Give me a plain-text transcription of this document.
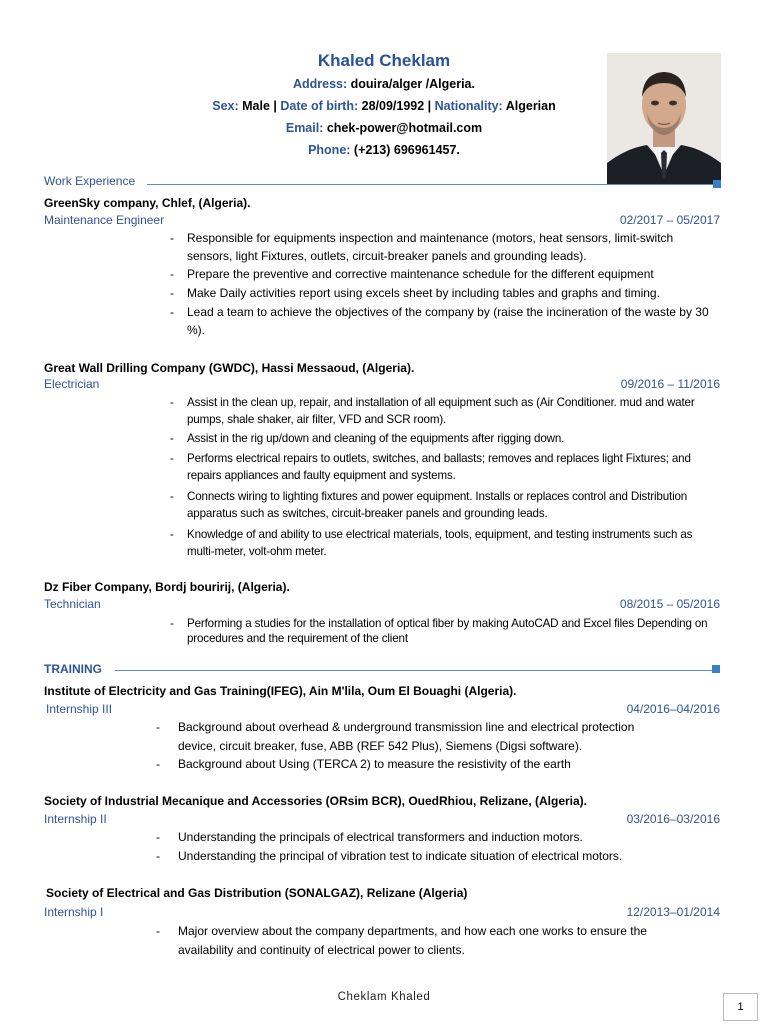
Khaled Cheklam
Address: douira/alger /Algeria.
Sex: Male | Date of birth: 28/09/1992 | Nationality: Algerian
Email: chek-power@hotmail.com
Phone: (+213) 696961457.
Work Experience
GreenSky company, Chlef, (Algeria).
Maintenance Engineer	02/2017 – 05/2017
- Responsible for equipments inspection and maintenance (motors, heat sensors, limit-switch sensors, light Fixtures, outlets, circuit-breaker panels and grounding leads).
- Prepare the preventive and corrective maintenance schedule for the different equipment
- Make Daily activities report using excels sheet by including tables and graphs and timing.
- Lead a team to achieve the objectives of the company by (raise the incineration of the waste by 30 %).
Great Wall Drilling Company (GWDC), Hassi Messaoud, (Algeria).
Electrician	09/2016 – 11/2016
- Assist in the clean up, repair, and installation of all equipment such as (Air Conditioner. mud and water pumps, shale shaker, air filter, VFD and SCR room).
- Assist in the rig up/down and cleaning of the equipments after rigging down.
- Performs electrical repairs to outlets, switches, and ballasts; removes and replaces light Fixtures; and repairs appliances and faulty equipment and systems.
- Connects wiring to lighting fixtures and power equipment. Installs or replaces control and Distribution apparatus such as switches, circuit-breaker panels and grounding leads.
- Knowledge of and ability to use electrical materials, tools, equipment, and testing instruments such as multi-meter, volt-ohm meter.
Dz Fiber Company, Bordj bouririj, (Algeria).
Technician	08/2015 – 05/2016
- Performing a studies for the installation of optical fiber by making AutoCAD and Excel files Depending on procedures and the requirement of the client
TRAINING
Institute of Electricity and Gas Training(IFEG), Ain M'lila, Oum El Bouaghi (Algeria).
Internship III	04/2016–04/2016
- Background about overhead & underground transmission line and electrical protection device, circuit breaker, fuse, ABB (REF 542 Plus), Siemens (Digsi software).
- Background about Using (TERCA 2) to measure the resistivity of the earth
Society of Industrial Mecanique and Accessories (ORsim BCR), OuedRhiou, Relizane, (Algeria).
Internship II	03/2016–03/2016
- Understanding the principals of electrical transformers and induction motors.
- Understanding the principal of vibration test to indicate situation of electrical motors.
Society of Electrical and Gas Distribution (SONALGAZ), Relizane (Algeria)
Internship I	12/2013–01/2014
- Major overview about the company departments, and how each one works to ensure the availability and continuity of electrical power to clients.
Cheklam Khaled
1
